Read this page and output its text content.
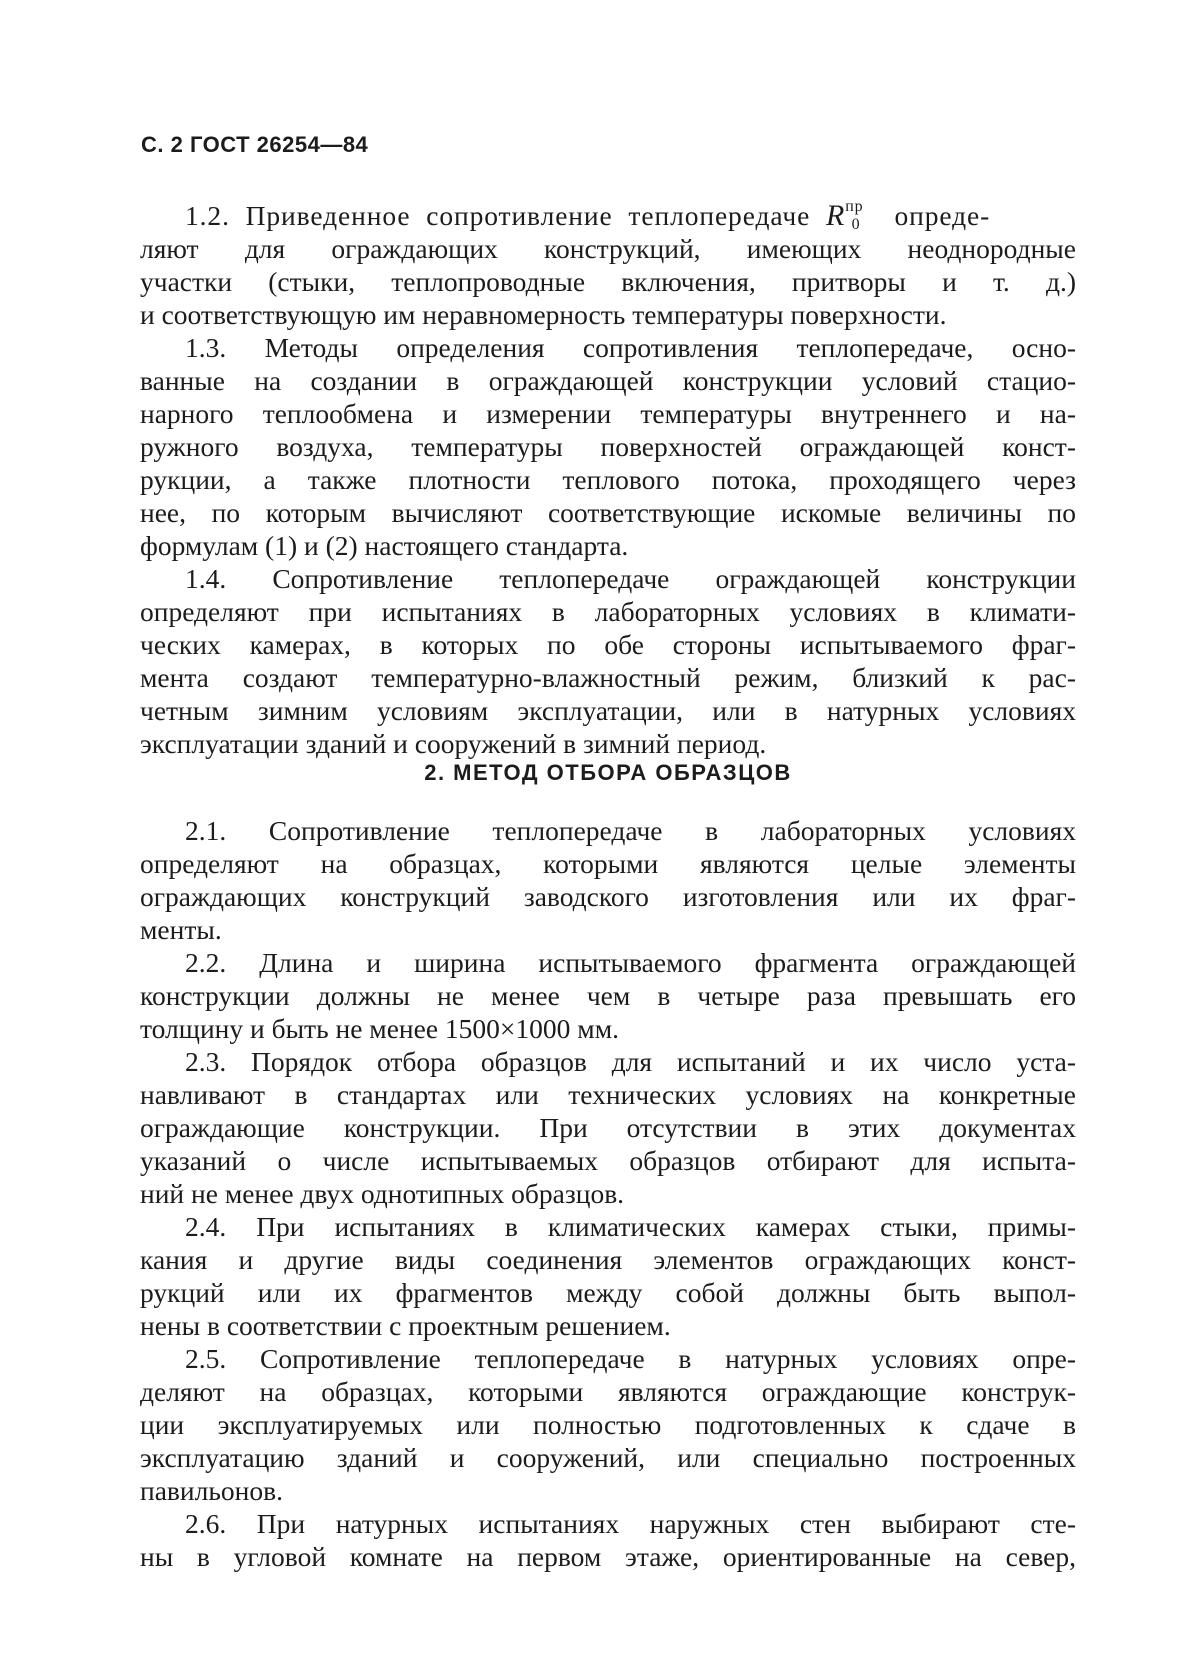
С. 2 ГОСТ 26254—84
1.2. Приведенное сопротивление теплопередаче $R^{пр}_0$ опреде-
ляют для ограждающих конструкций, имеющих неоднородные
участки (стыки, теплопроводные включения, притворы и т. д.)
и соответствующую им неравномерность температуры поверхности.
1.3. Методы определения сопротивления теплопередаче, осно-
ванные на создании в ограждающей конструкции условий стацио-
нарного теплообмена и измерении температуры внутреннего и на-
ружного воздуха, температуры поверхностей ограждающей конст-
рукции, а также плотности теплового потока, проходящего через
нее, по которым вычисляют соответствующие искомые величины по
формулам (1) и (2) настоящего стандарта.
1.4. Сопротивление теплопередаче ограждающей конструкции
определяют при испытаниях в лабораторных условиях в климати-
ческих камерах, в которых по обе стороны испытываемого фраг-
мента создают температурно-влажностный режим, близкий к рас-
четным зимним условиям эксплуатации, или в натурных условиях
эксплуатации зданий и сооружений в зимний период.
2. МЕТОД ОТБОРА ОБРАЗЦОВ
2.1. Сопротивление теплопередаче в лабораторных условиях
определяют на образцах, которыми являются целые элементы
ограждающих конструкций заводского изготовления или их фраг-
менты.
2.2. Длина и ширина испытываемого фрагмента ограждающей
конструкции должны не менее чем в четыре раза превышать его
толщину и быть не менее 1500×1000 мм.
2.3. Порядок отбора образцов для испытаний и их число уста-
навливают в стандартах или технических условиях на конкретные
ограждающие конструкции. При отсутствии в этих документах
указаний о числе испытываемых образцов отбирают для испыта-
ний не менее двух однотипных образцов.
2.4. При испытаниях в климатических камерах стыки, примы-
кания и другие виды соединения элементов ограждающих конст-
рукций или их фрагментов между собой должны быть выпол-
нены в соответствии с проектным решением.
2.5. Сопротивление теплопередаче в натурных условиях опре-
деляют на образцах, которыми являются ограждающие конструк-
ции эксплуатируемых или полностью подготовленных к сдаче в
эксплуатацию зданий и сооружений, или специально построенных
павильонов.
2.6. При натурных испытаниях наружных стен выбирают сте-
ны в угловой комнате на первом этаже, ориентированные на север,
